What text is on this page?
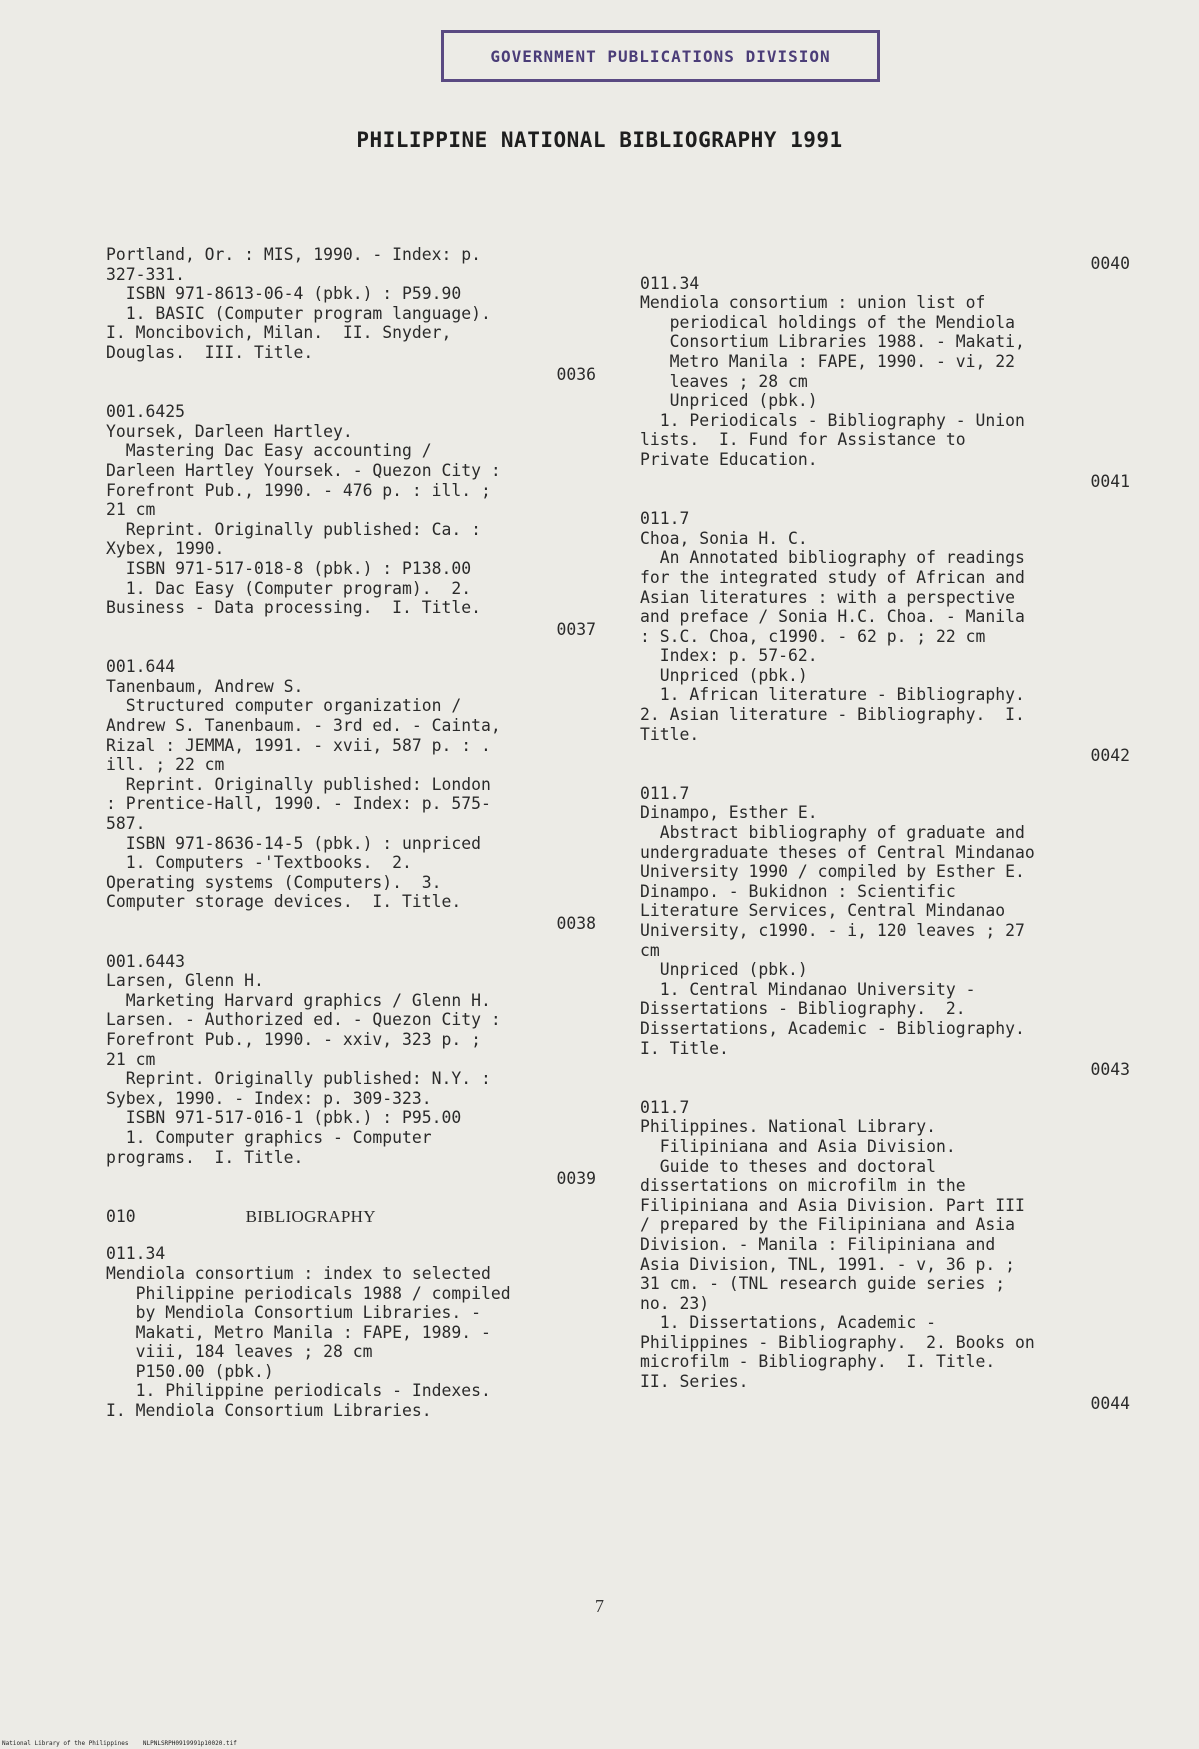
GOVERNMENT PUBLICATIONS DIVISION
PHILIPPINE NATIONAL BIBLIOGRAPHY 1991
Portland, Or. : MIS, 1990. - Index: p.
327-331.
ISBN 971-8613-06-4 (pbk.) : P59.90
1. BASIC (Computer program language).
I. Moncibovich, Milan.  II. Snyder,
Douglas.  III. Title.
0036
001.6425
Yoursek, Darleen Hartley.
Mastering Dac Easy accounting /
Darleen Hartley Yoursek. - Quezon City :
Forefront Pub., 1990. - 476 p. : ill. ;
21 cm
Reprint. Originally published: Ca. :
Xybex, 1990.
ISBN 971-517-018-8 (pbk.) : P138.00
1. Dac Easy (Computer program).  2.
Business - Data processing.  I. Title.
0037
001.644
Tanenbaum, Andrew S.
Structured computer organization /
Andrew S. Tanenbaum. - 3rd ed. - Cainta,
Rizal : JEMMA, 1991. - xvii, 587 p. : .
ill. ; 22 cm
Reprint. Originally published: London
: Prentice-Hall, 1990. - Index: p. 575-
587.
ISBN 971-8636-14-5 (pbk.) : unpriced
1. Computers -'Textbooks.  2.
Operating systems (Computers).  3.
Computer storage devices.  I. Title.
0038
001.6443
Larsen, Glenn H.
Marketing Harvard graphics / Glenn H.
Larsen. - Authorized ed. - Quezon City :
Forefront Pub., 1990. - xxiv, 323 p. ;
21 cm
Reprint. Originally published: N.Y. :
Sybex, 1990. - Index: p. 309-323.
ISBN 971-517-016-1 (pbk.) : P95.00
1. Computer graphics - Computer
programs.  I. Title.
0039
010	BIBLIOGRAPHY
011.34
Mendiola consortium : index to selected
Philippine periodicals 1988 / compiled
by Mendiola Consortium Libraries. -
Makati, Metro Manila : FAPE, 1989. -
viii, 184 leaves ; 28 cm
P150.00 (pbk.)
1. Philippine periodicals - Indexes.
I. Mendiola Consortium Libraries.
0040
011.34
Mendiola consortium : union list of
periodical holdings of the Mendiola
Consortium Libraries 1988. - Makati,
Metro Manila : FAPE, 1990. - vi, 22
leaves ; 28 cm
Unpriced (pbk.)
1. Periodicals - Bibliography - Union
lists.  I. Fund for Assistance to
Private Education.
0041
011.7
Choa, Sonia H. C.
An Annotated bibliography of readings
for the integrated study of African and
Asian literatures : with a perspective
and preface / Sonia H.C. Choa. - Manila
: S.C. Choa, c1990. - 62 p. ; 22 cm
Index: p. 57-62.
Unpriced (pbk.)
1. African literature - Bibliography.
2. Asian literature - Bibliography.  I.
Title.
0042
011.7
Dinampo, Esther E.
Abstract bibliography of graduate and
undergraduate theses of Central Mindanao
University 1990 / compiled by Esther E.
Dinampo. - Bukidnon : Scientific
Literature Services, Central Mindanao
University, c1990. - i, 120 leaves ; 27
cm
Unpriced (pbk.)
1. Central Mindanao University -
Dissertations - Bibliography.  2.
Dissertations, Academic - Bibliography.
I. Title.
0043
011.7
Philippines. National Library.
Filipiniana and Asia Division.
Guide to theses and doctoral
dissertations on microfilm in the
Filipiniana and Asia Division. Part III
/ prepared by the Filipiniana and Asia
Division. - Manila : Filipiniana and
Asia Division, TNL, 1991. - v, 36 p. ;
31 cm. - (TNL research guide series ;
no. 23)
1. Dissertations, Academic -
Philippines - Bibliography.  2. Books on
microfilm - Bibliography.  I. Title.
II. Series.
0044
7
National Library of the Philippines    NLPNLSRPH0919991p10020.tif
